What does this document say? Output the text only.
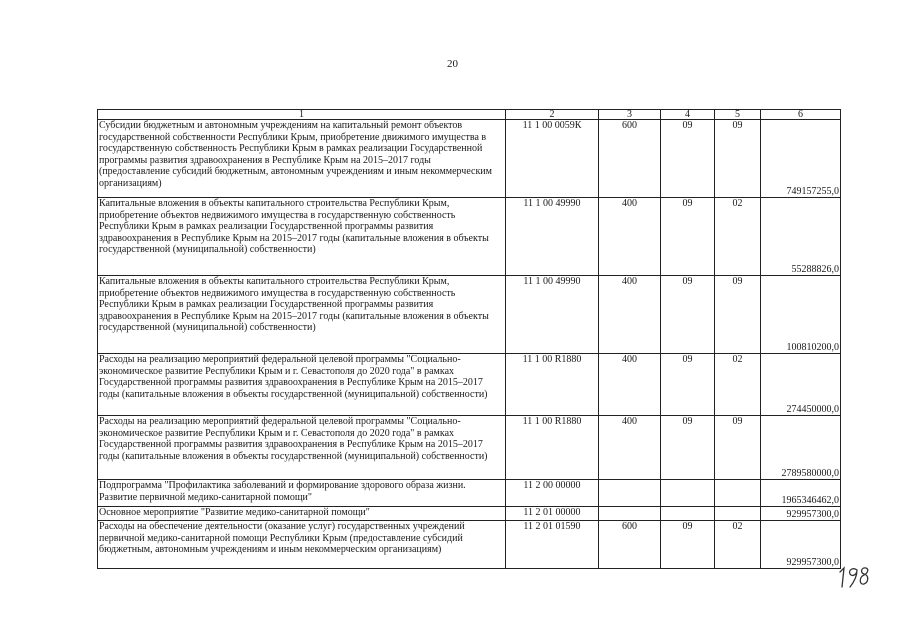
20
1	2	3	4	5	6
Субсидии бюджетным и автономным учреждениям на капитальный ремонт объектов государственной собственности Республики Крым, приобретение движимого имущества в государственную собственность Республики Крым в рамках реализации Государственной программы развития здравоохранения в Республике Крым на 2015–2017 годы (предоставление субсидий бюджетным, автономным учреждениям и иным некоммерческим организациям)	11 1 00 0059К	600	09	09	749157255,0
Капитальные вложения в объекты капитального строительства Республики Крым, приобретение объектов недвижимого имущества в государственную собственность Республики Крым в рамках реализации Государственной программы развития здравоохранения в Республике Крым на 2015–2017 годы (капитальные вложения в объекты государственной (муниципальной) собственности)	11 1 00 49990	400	09	02	55288826,0
Капитальные вложения в объекты капитального строительства Республики Крым, приобретение объектов недвижимого имущества в государственную собственность Республики Крым в рамках реализации Государственной программы развития здравоохранения в Республике Крым на 2015–2017 годы (капитальные вложения в объекты государственной (муниципальной) собственности)	11 1 00 49990	400	09	09	100810200,0
Расходы на реализацию мероприятий федеральной целевой программы "Социально-экономическое развитие Республики Крым и г. Севастополя до 2020 года" в рамках Государственной программы развития здравоохранения в Республике Крым на 2015–2017 годы (капитальные вложения в объекты государственной (муниципальной) собственности)	11 1 00 R1880	400	09	02	274450000,0
Расходы на реализацию мероприятий федеральной целевой программы "Социально-экономическое развитие Республики Крым и г. Севастополя до 2020 года" в рамках Государственной программы развития здравоохранения в Республике Крым на 2015–2017 годы (капитальные вложения в объекты государственной (муниципальной) собственности)	11 1 00 R1880	400	09	09	2789580000,0
Подпрограмма "Профилактика заболеваний и формирование здорового образа жизни. Развитие первичной медико-санитарной помощи"	11 2 00 00000				1965346462,0
Основное мероприятие "Развитие медико-санитарной помощи"	11 2 01 00000				929957300,0
Расходы на обеспечение деятельности (оказание услуг) государственных учреждений первичной медико-санитарной помощи Республики Крым (предоставление субсидий бюджетным, автономным учреждениям и иным некоммерческим организациям)	11 2 01 01590	600	09	02	929957300,0
